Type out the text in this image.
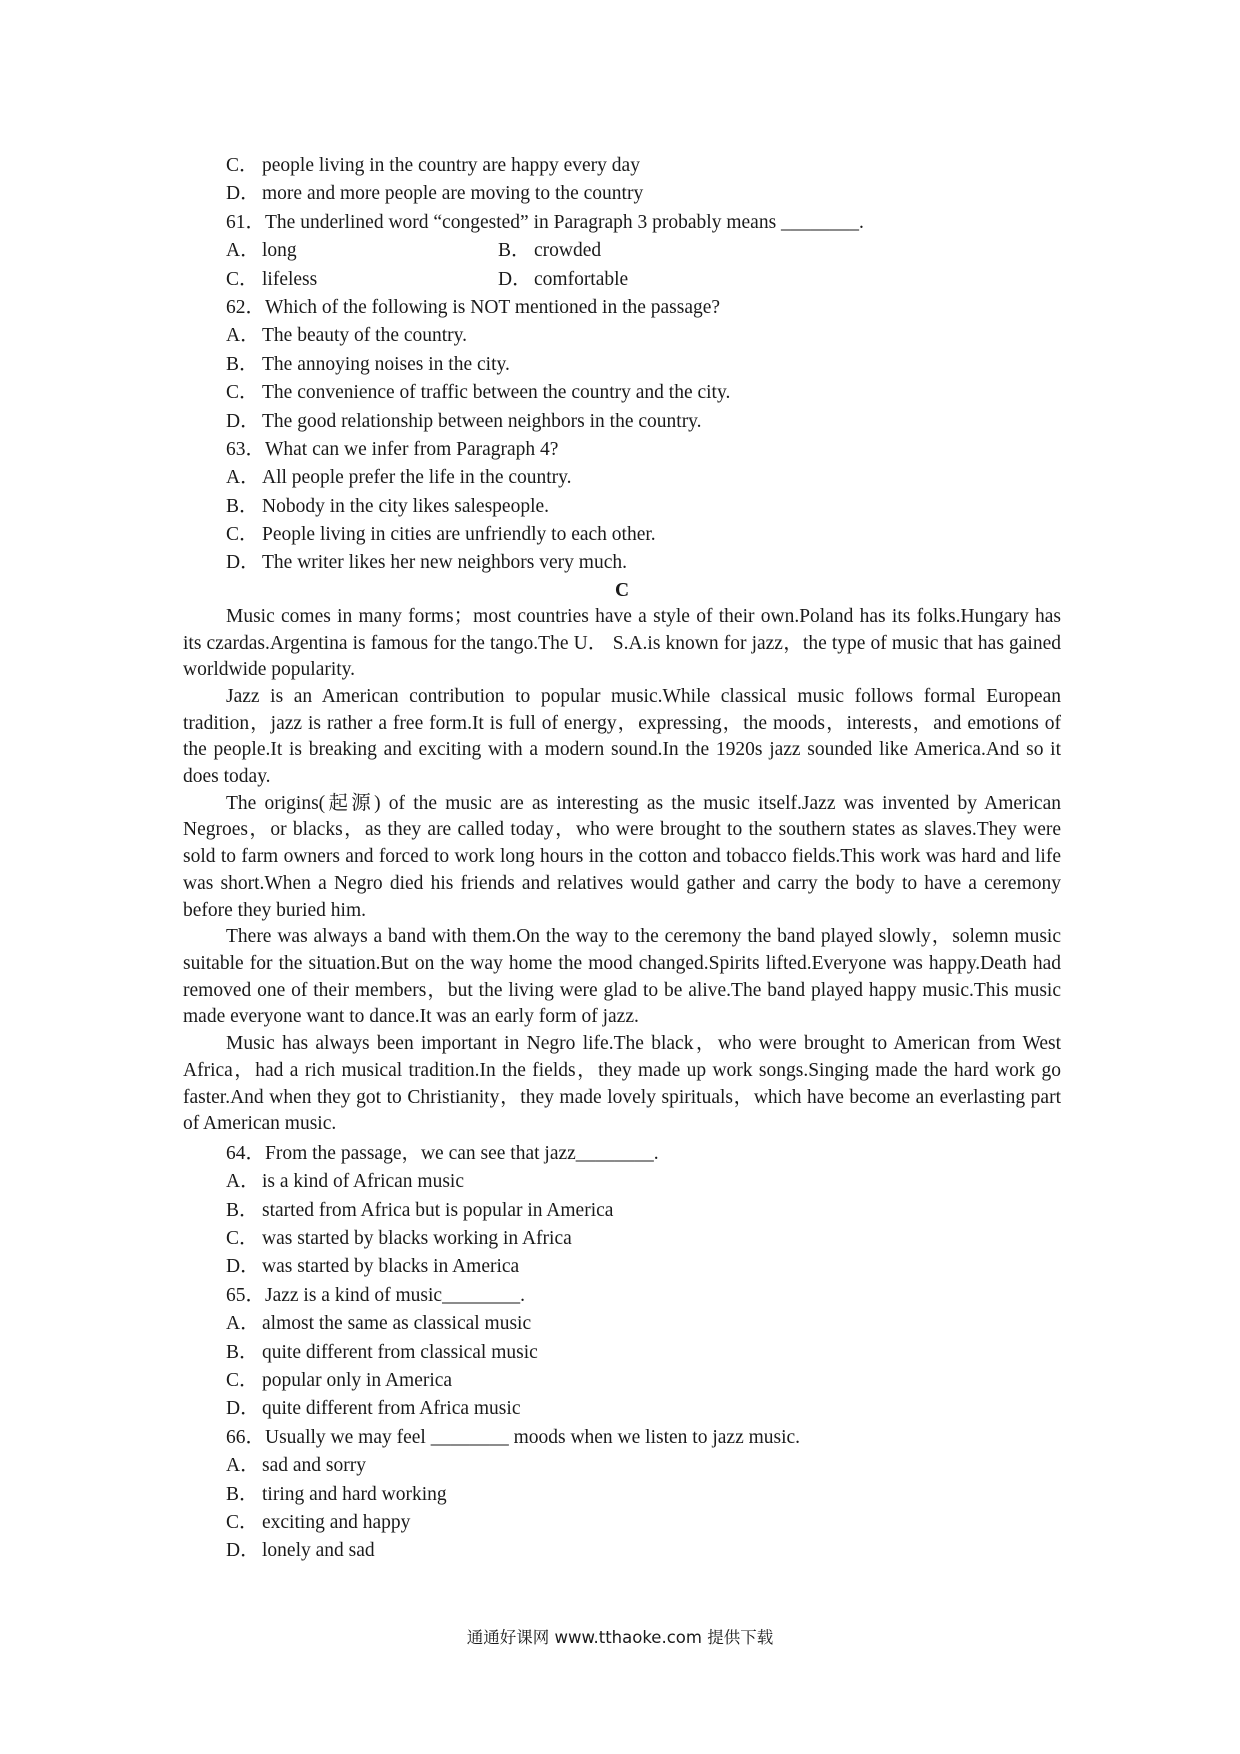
C． people living in the country are happy every day
D． more and more people are moving to the country
61．The underlined word “congested” in Paragraph 3 probably means ________.
A． long	B． crowded
C． lifeless	D． comfortable
62．Which of the following is NOT mentioned in the passage?
A． The beauty of the country.
B． The annoying noises in the city.
C． The convenience of traffic between the country and the city.
D． The good relationship between neighbors in the country.
63．What can we infer from Paragraph 4?
A． All people prefer the life in the country.
B． Nobody in the city likes salespeople.
C． People living in cities are unfriendly to each other.
D． The writer likes her new neighbors very much.
C

Music comes in many forms；most countries have a style of their own.Poland has its folks.Hungary has its czardas.Argentina is famous for the tango.The U． S.A.is known for jazz，the type of music that has gained worldwide popularity.

Jazz is an American contribution to popular music.While classical music follows formal European tradition，jazz is rather a free form.It is full of energy，expressing，the moods，interests，and emotions of the people.It is breaking and exciting with a modern sound.In the 1920s jazz sounded like America.And so it does today.

The origins(起源) of the music are as interesting as the music itself.Jazz was invented by American Negroes，or blacks，as they are called today，who were brought to the southern states as slaves.They were sold to farm owners and forced to work long hours in the cotton and tobacco fields.This work was hard and life was short.When a Negro died his friends and relatives would gather and carry the body to have a ceremony before they buried him.

There was always a band with them.On the way to the ceremony the band played slowly，solemn music suitable for the situation.But on the way home the mood changed.Spirits lifted.Everyone was happy.Death had removed one of their members，but the living were glad to be alive.The band played happy music.This music made everyone want to dance.It was an early form of jazz.

Music has always been important in Negro life.The black，who were brought to American from West Africa，had a rich musical tradition.In the fields，they made up work songs.Singing made the hard work go faster.And when they got to Christianity，they made lovely spirituals，which have become an everlasting part of American music.

64．From the passage，we can see that jazz________.
A． is a kind of African music
B． started from Africa but is popular in America
C． was started by blacks working in Africa
D． was started by blacks in America
65．Jazz is a kind of music________.
A． almost the same as classical music
B． quite different from classical music
C． popular only in America
D． quite different from Africa music
66．Usually we may feel ________ moods when we listen to jazz music.
A． sad and sorry
B． tiring and hard working
C． exciting and happy
D． lonely and sad
通通好课网 www.tthaoke.com 提供下载
